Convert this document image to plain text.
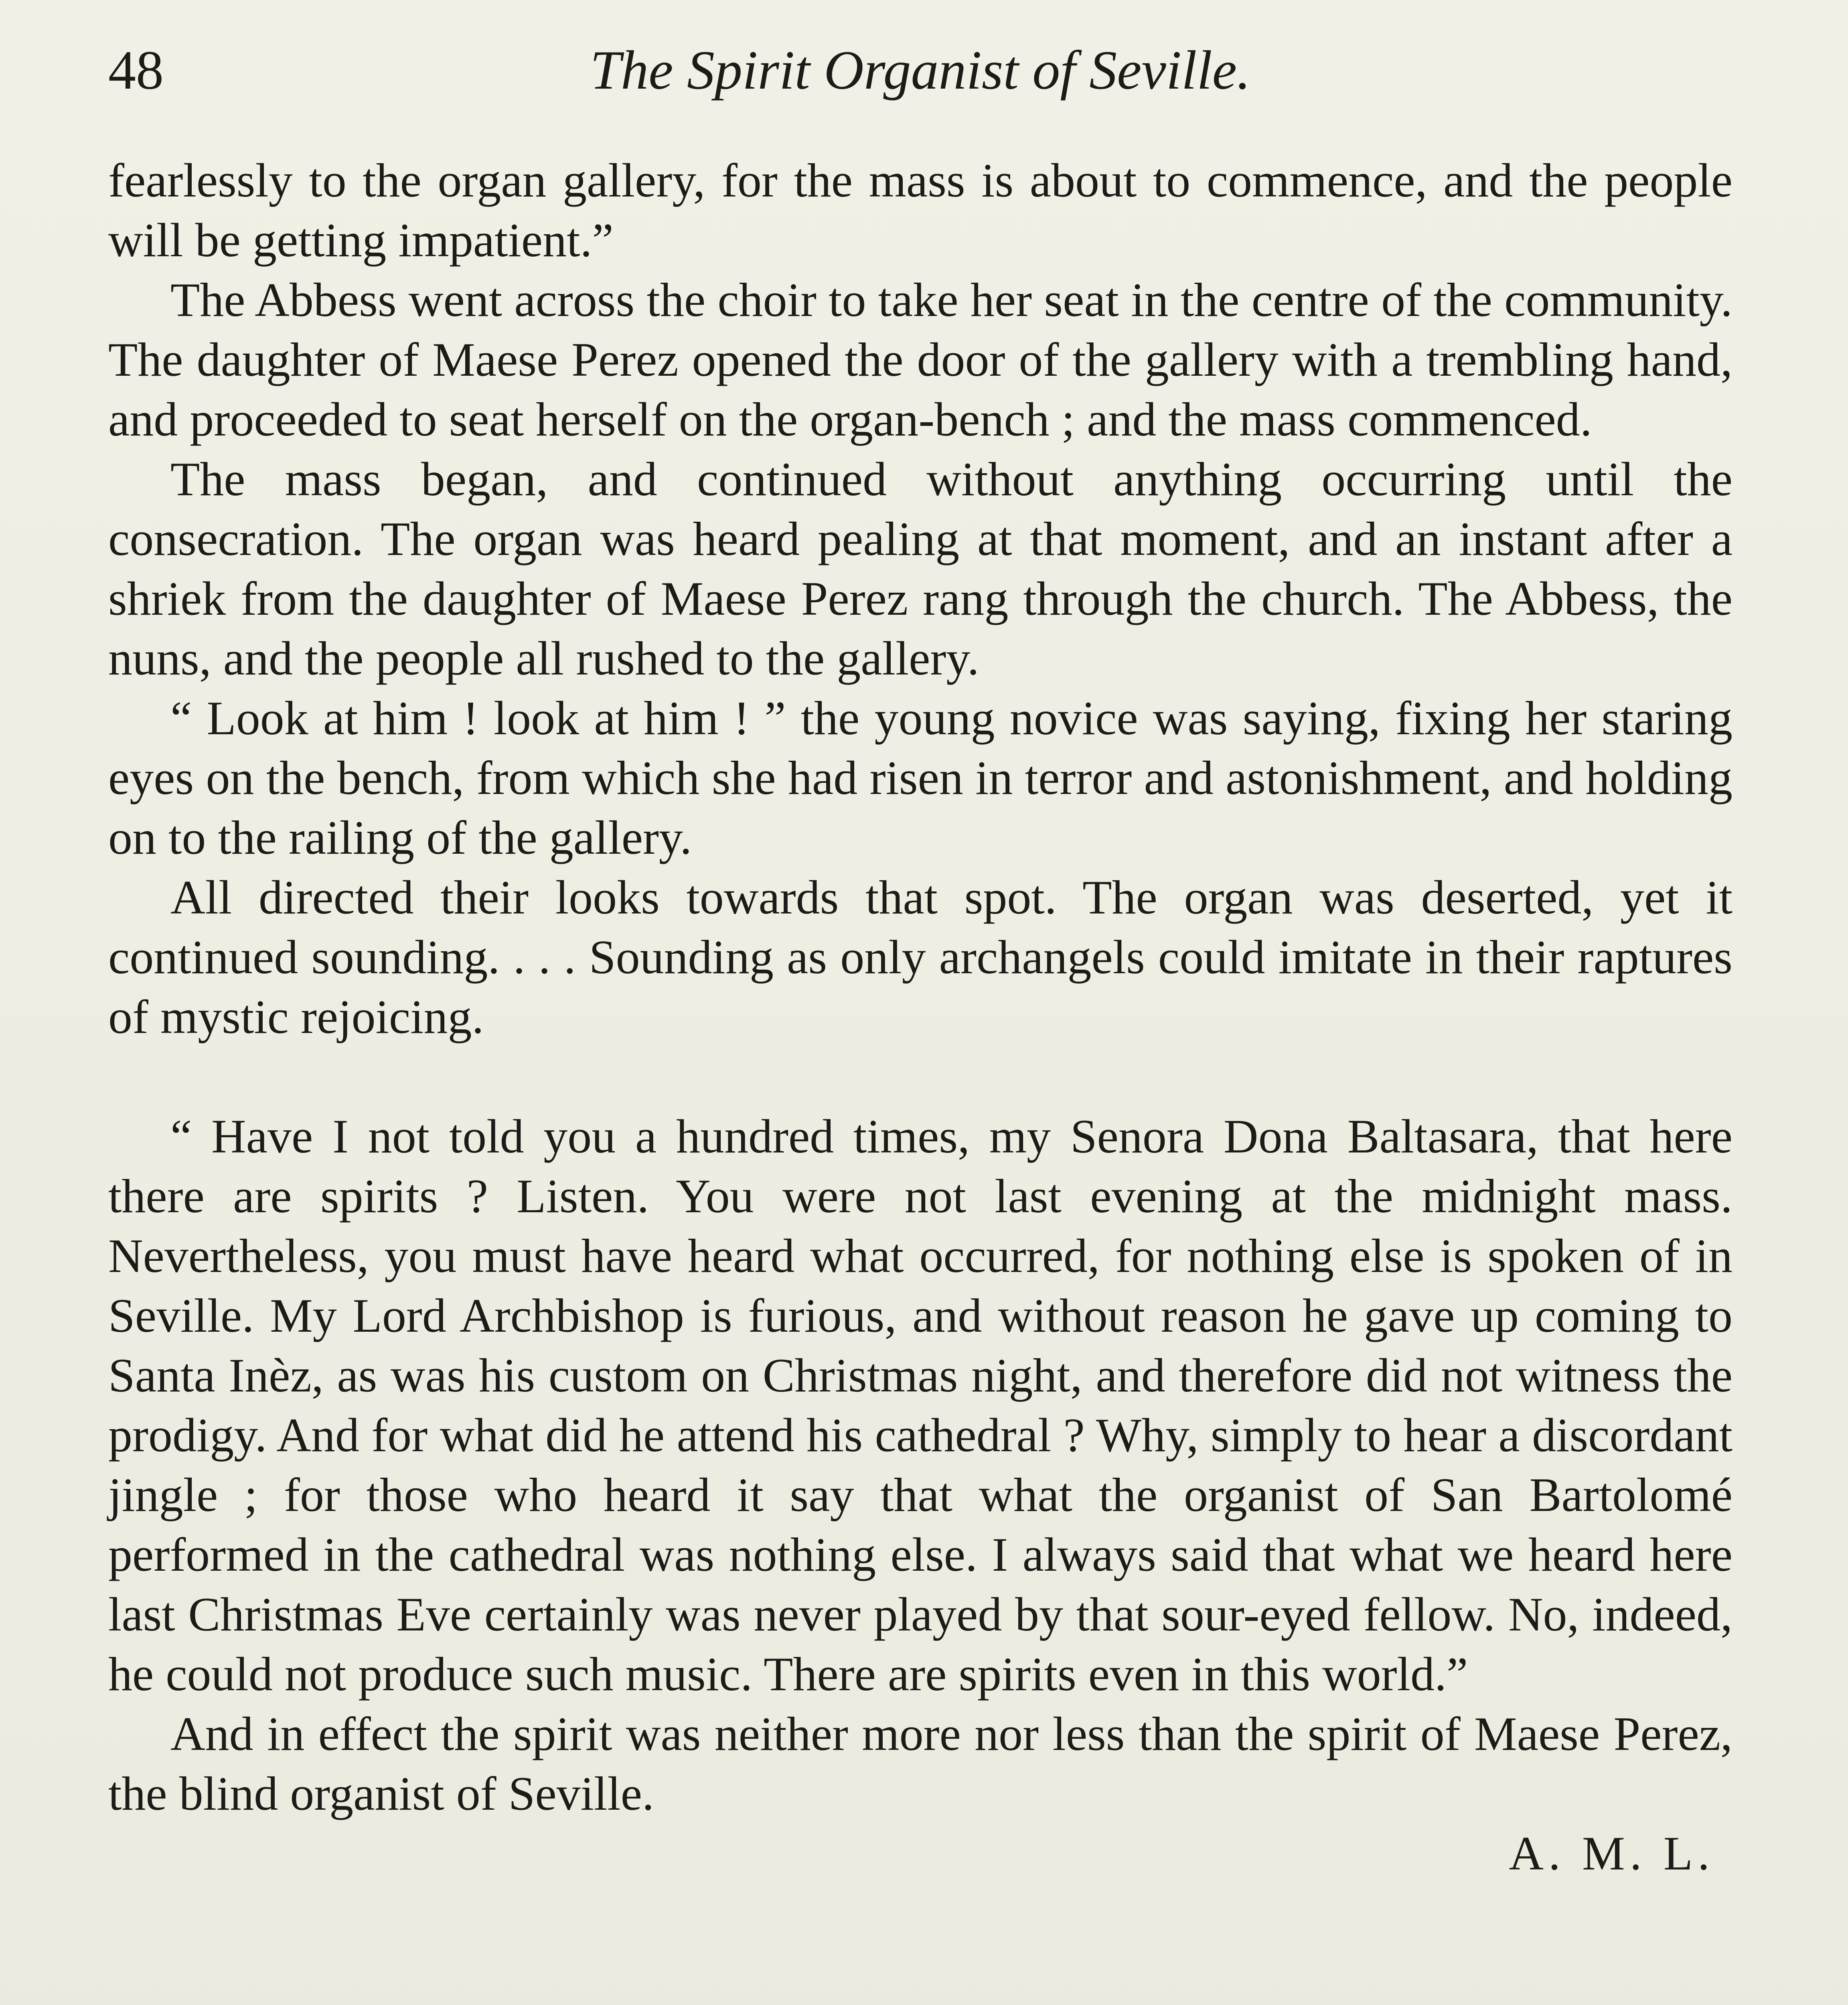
48	The Spirit Organist of Seville.

fearlessly to the organ gallery, for the mass is about to commence, and the people will be getting impatient.”

The Abbess went across the choir to take her seat in the centre of the community. The daughter of Maese Perez opened the door of the gallery with a trembling hand, and proceeded to seat herself on the organ-bench ; and the mass commenced.

The mass began, and continued without anything occurring until the consecration. The organ was heard pealing at that moment, and an instant after a shriek from the daughter of Maese Perez rang through the church. The Abbess, the nuns, and the people all rushed to the gallery.

“ Look at him ! look at him ! ” the young novice was saying, fixing her staring eyes on the bench, from which she had risen in terror and astonishment, and holding on to the railing of the gallery.

All directed their looks towards that spot. The organ was deserted, yet it continued sounding. . . . Sounding as only archangels could imitate in their raptures of mystic rejoicing.

“ Have I not told you a hundred times, my Senora Dona Baltasara, that here there are spirits ? Listen. You were not last evening at the midnight mass. Nevertheless, you must have heard what occurred, for nothing else is spoken of in Seville. My Lord Archbishop is furious, and without reason he gave up coming to Santa Inèz, as was his custom on Christmas night, and therefore did not witness the prodigy. And for what did he attend his cathedral ? Why, simply to hear a discordant jingle ; for those who heard it say that what the organist of San Bartolomé performed in the cathedral was nothing else. I always said that what we heard here last Christmas Eve certainly was never played by that sour-eyed fellow. No, indeed, he could not produce such music. There are spirits even in this world.”

And in effect the spirit was neither more nor less than the spirit of Maese Perez, the blind organist of Seville.

A. M. L.
